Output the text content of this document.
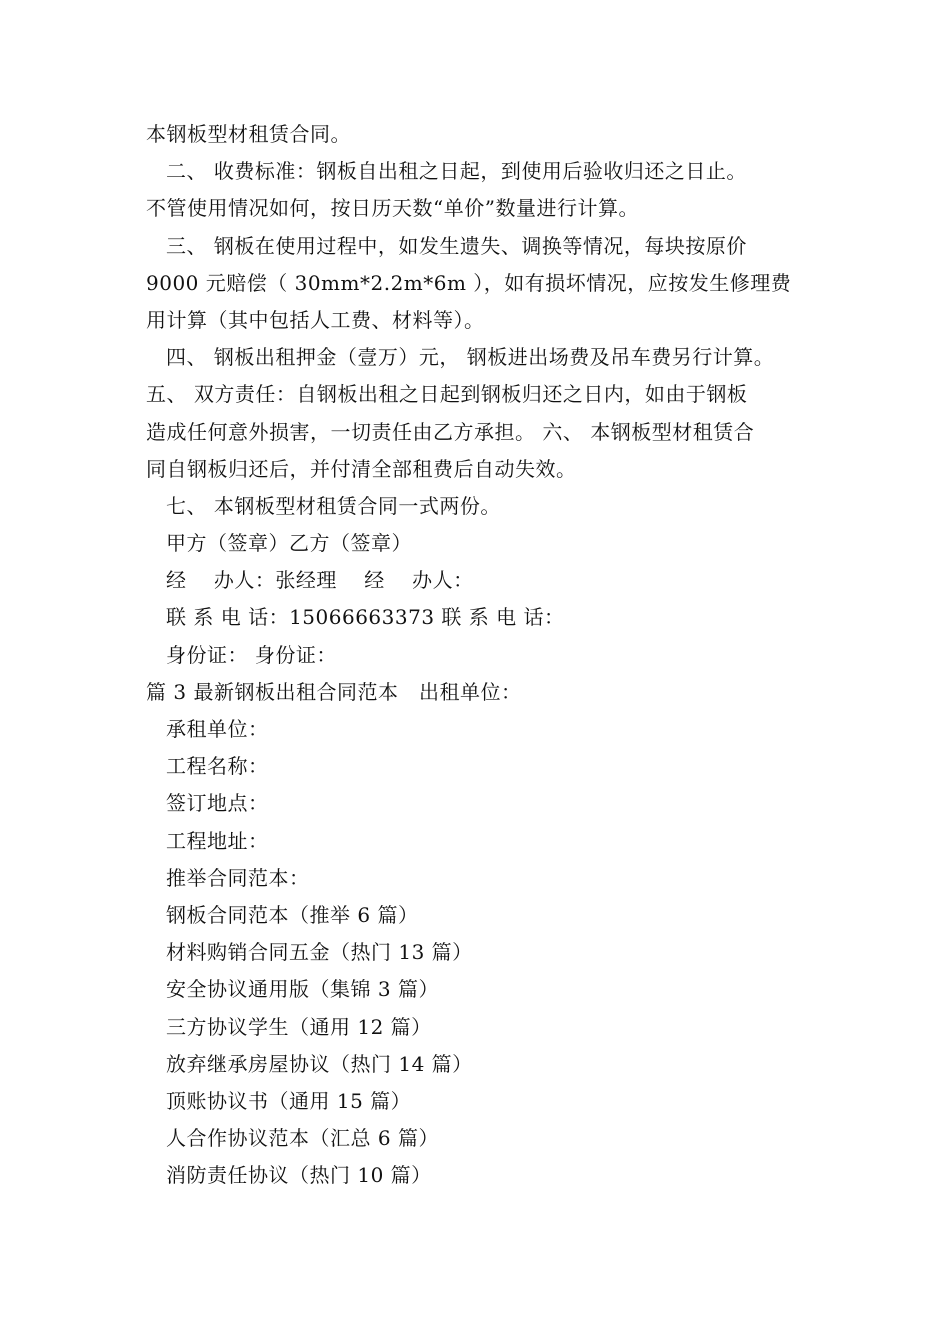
本钢板型材租赁合同。
二、 收费标准：钢板自出租之日起，到使用后验收归还之日止。
不管使用情况如何，按日历天数“单价”数量进行计算。
三、 钢板在使用过程中，如发生遗失、调换等情况，每块按原价
9000 元赔偿（ 30mm*2.2m*6m ），如有损坏情况，应按发生修理费
用计算（其中包括人工费、材料等）。
四、 钢板出租押金（壹万）元， 钢板进出场费及吊车费另行计算。
五、 双方责任：自钢板出租之日起到钢板归还之日内，如由于钢板
造成任何意外损害，一切责任由乙方承担。 六、 本钢板型材租赁合
同自钢板归还后，并付清全部租费后自动失效。
七、 本钢板型材租赁合同一式两份。
甲方（签章）乙方（签章）
经　 办人：张经理　 经　 办人：
联 系 电 话：15066663373 联 系 电 话：
身份证： 身份证：
篇 3 最新钢板出租合同范本　出租单位：
承租单位：
工程名称：
签订地点：
工程地址：
推举合同范本：
钢板合同范本（推举 6 篇）
材料购销合同五金（热门 13 篇）
安全协议通用版（集锦 3 篇）
三方协议学生（通用 12 篇）
放弃继承房屋协议（热门 14 篇）
顶账协议书（通用 15 篇）
人合作协议范本（汇总 6 篇）
消防责任协议（热门 10 篇）
